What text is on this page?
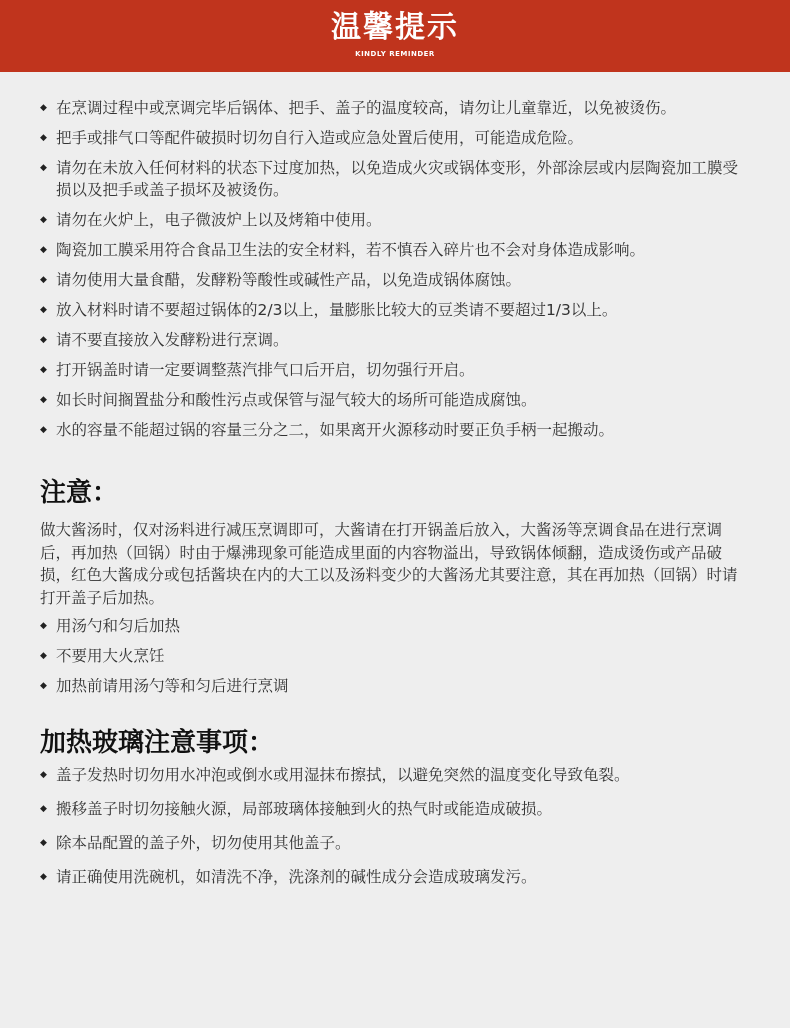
温馨提示
KINDLY REMINDER
◆ 在烹调过程中或烹调完毕后锅体、把手、盖子的温度较高，请勿让儿童靠近，以免被烫伤。
◆ 把手或排气口等配件破损时切勿自行入造或应急处置后使用，可能造成危险。
◆ 请勿在未放入任何材料的状态下过度加热，以免造成火灾或锅体变形，外部涂层或内层陶瓷加工膜受损以及把手或盖子损坏及被烫伤。
◆ 请勿在火炉上，电子微波炉上以及烤箱中使用。
◆ 陶瓷加工膜采用符合食品卫生法的安全材料，若不慎吞入碎片也不会对身体造成影响。
◆ 请勿使用大量食醋，发酵粉等酸性或碱性产品，以免造成锅体腐蚀。
◆ 放入材料时请不要超过锅体的2/3以上，量膨胀比较大的豆类请不要超过1/3以上。
◆ 请不要直接放入发酵粉进行烹调。
◆ 打开锅盖时请一定要调整蒸汽排气口后开启，切勿强行开启。
◆ 如长时间搁置盐分和酸性污点或保管与湿气较大的场所可能造成腐蚀。
◆ 水的容量不能超过锅的容量三分之二，如果离开火源移动时要正负手柄一起搬动。
注意：
做大酱汤时，仅对汤料进行减压烹调即可，大酱请在打开锅盖后放入，大酱汤等烹调食品在进行烹调后，再加热（回锅）时由于爆沸现象可能造成里面的内容物溢出，导致锅体倾翻，造成烫伤或产品破损，红色大酱成分或包括酱块在内的大工以及汤料变少的大酱汤尤其要注意，其在再加热（回锅）时请打开盖子后加热。
◆ 用汤勺和匀后加热
◆ 不要用大火烹饪
◆ 加热前请用汤勺等和匀后进行烹调
加热玻璃注意事项：
◆ 盖子发热时切勿用水冲泡或倒水或用湿抹布擦拭，以避免突然的温度变化导致龟裂。
◆ 搬移盖子时切勿接触火源，局部玻璃体接触到火的热气时或能造成破损。
◆ 除本品配置的盖子外，切勿使用其他盖子。
◆ 请正确使用洗碗机，如清洗不净，洗涤剂的碱性成分会造成玻璃发污。
